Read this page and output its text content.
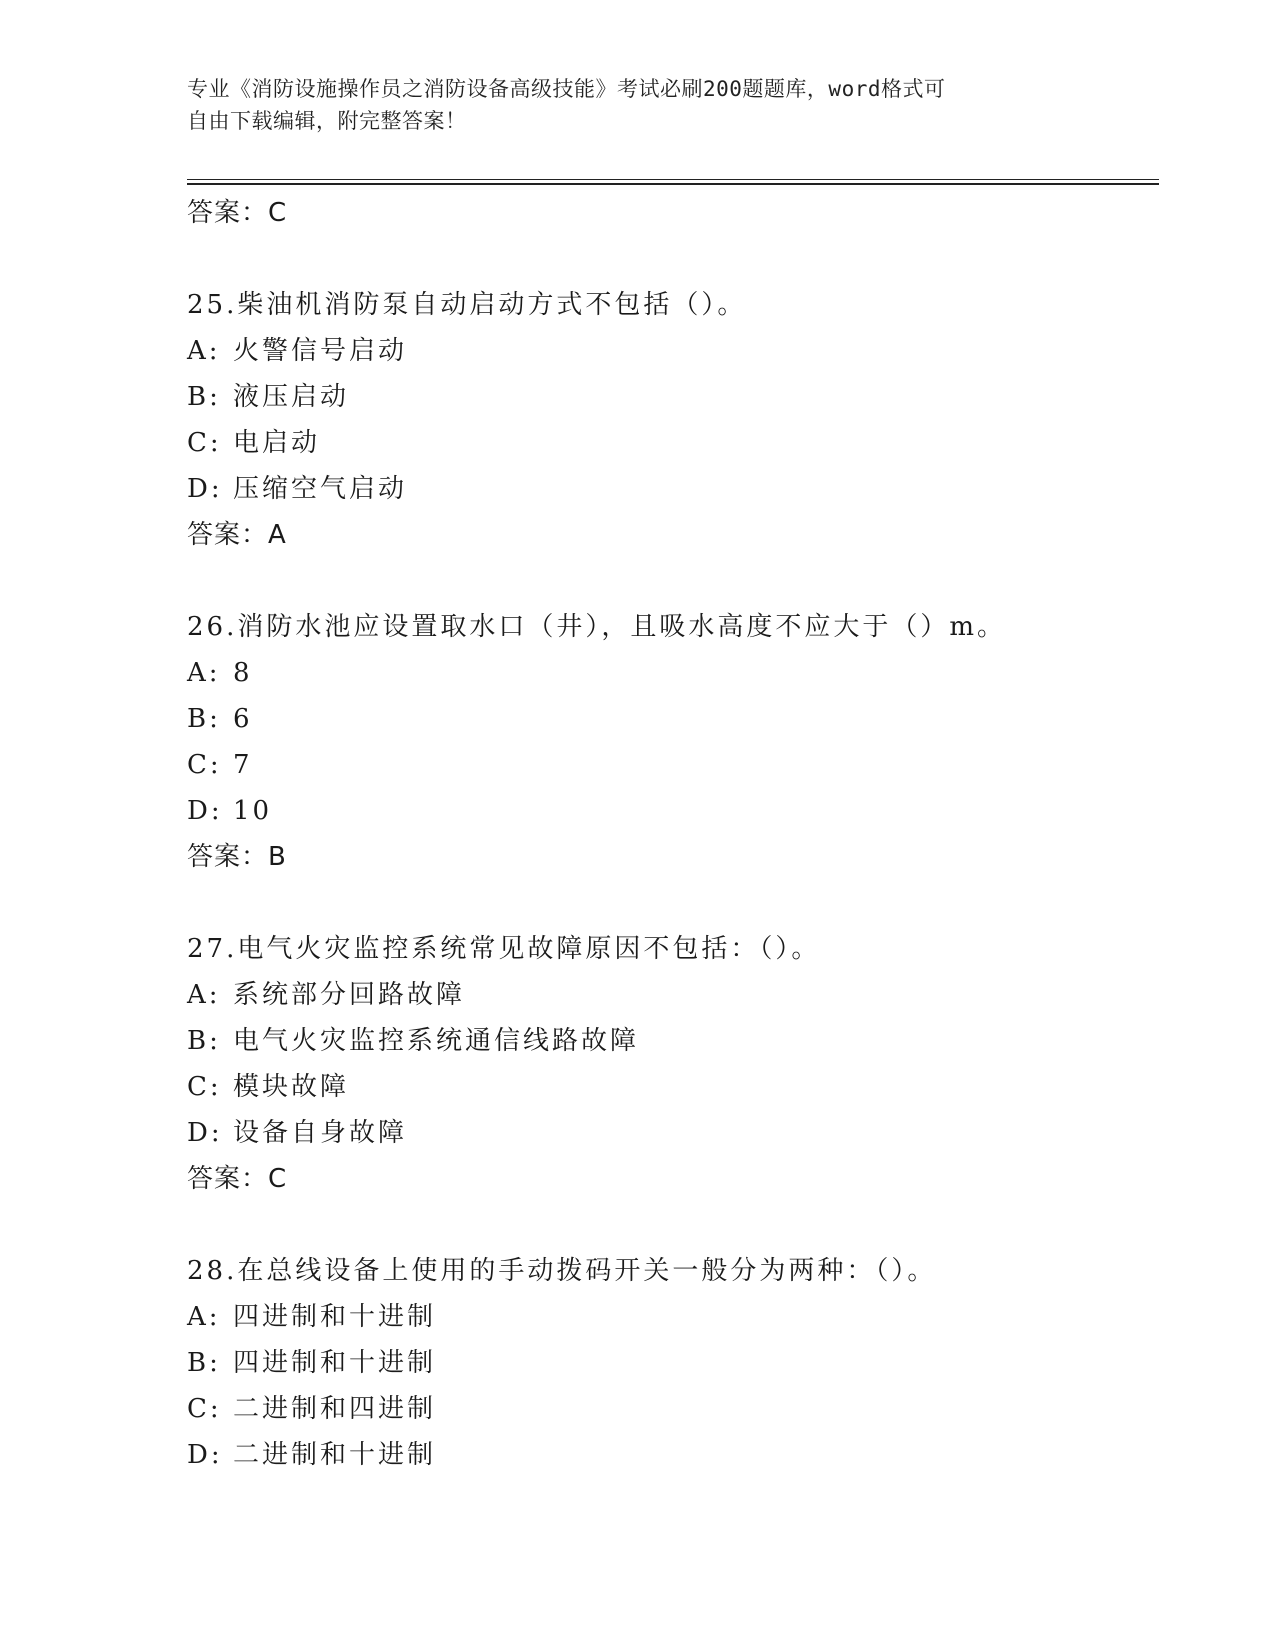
专业《消防设施操作员之消防设备高级技能》考试必刷200题题库，word格式可
自由下载编辑，附完整答案！
答案：C
25.柴油机消防泵自动启动方式不包括（）。
A: 火警信号启动
B: 液压启动
C: 电启动
D: 压缩空气启动
答案：A
26.消防水池应设置取水口（井），且吸水高度不应大于（）m。
A: 8
B: 6
C: 7
D: 10
答案：B
27.电气火灾监控系统常见故障原因不包括：（）。
A: 系统部分回路故障
B: 电气火灾监控系统通信线路故障
C: 模块故障
D: 设备自身故障
答案：C
28.在总线设备上使用的手动拨码开关一般分为两种：（）。
A: 四进制和十进制
B: 四进制和十进制
C: 二进制和四进制
D: 二进制和十进制
